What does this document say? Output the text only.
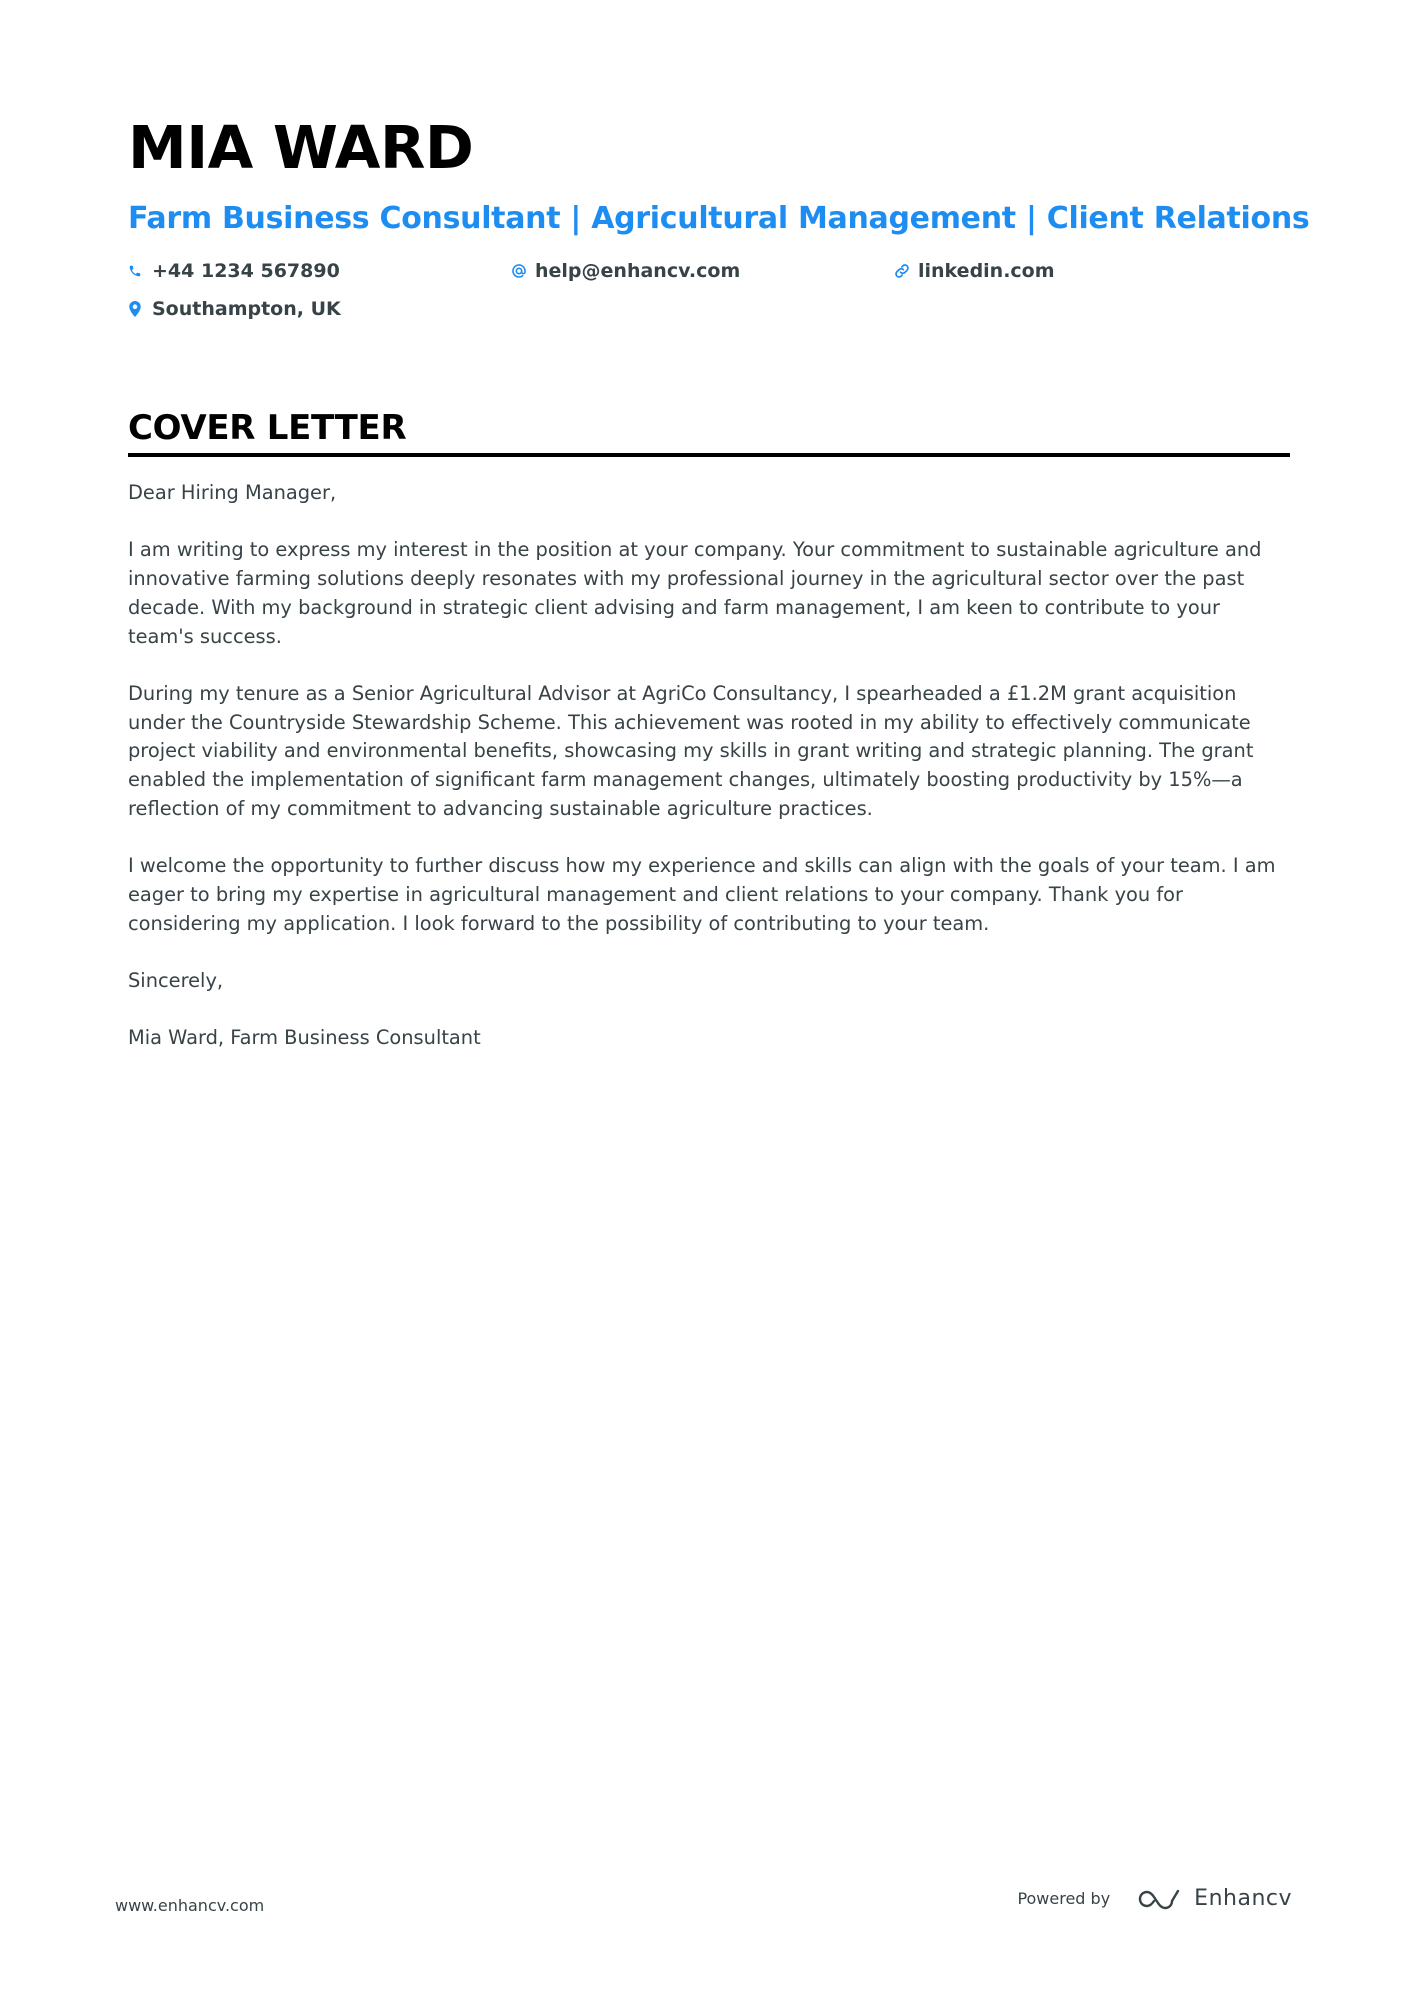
MIA WARD
Farm Business Consultant | Agricultural Management | Client Relations
+44 1234 567890	help@enhancv.com	linkedin.com
Southampton, UK
COVER LETTER

Dear Hiring Manager,

I am writing to express my interest in the position at your company. Your commitment to sustainable agriculture and innovative farming solutions deeply resonates with my professional journey in the agricultural sector over the past decade. With my background in strategic client advising and farm management, I am keen to contribute to your team's success.

During my tenure as a Senior Agricultural Advisor at AgriCo Consultancy, I spearheaded a £1.2M grant acquisition under the Countryside Stewardship Scheme. This achievement was rooted in my ability to effectively communicate project viability and environmental benefits, showcasing my skills in grant writing and strategic planning. The grant enabled the implementation of significant farm management changes, ultimately boosting productivity by 15%—a reflection of my commitment to advancing sustainable agriculture practices.

I welcome the opportunity to further discuss how my experience and skills can align with the goals of your team. I am eager to bring my expertise in agricultural management and client relations to your company. Thank you for considering my application. I look forward to the possibility of contributing to your team.

Sincerely,

Mia Ward, Farm Business Consultant

www.enhancv.com	Powered by	Enhancv
